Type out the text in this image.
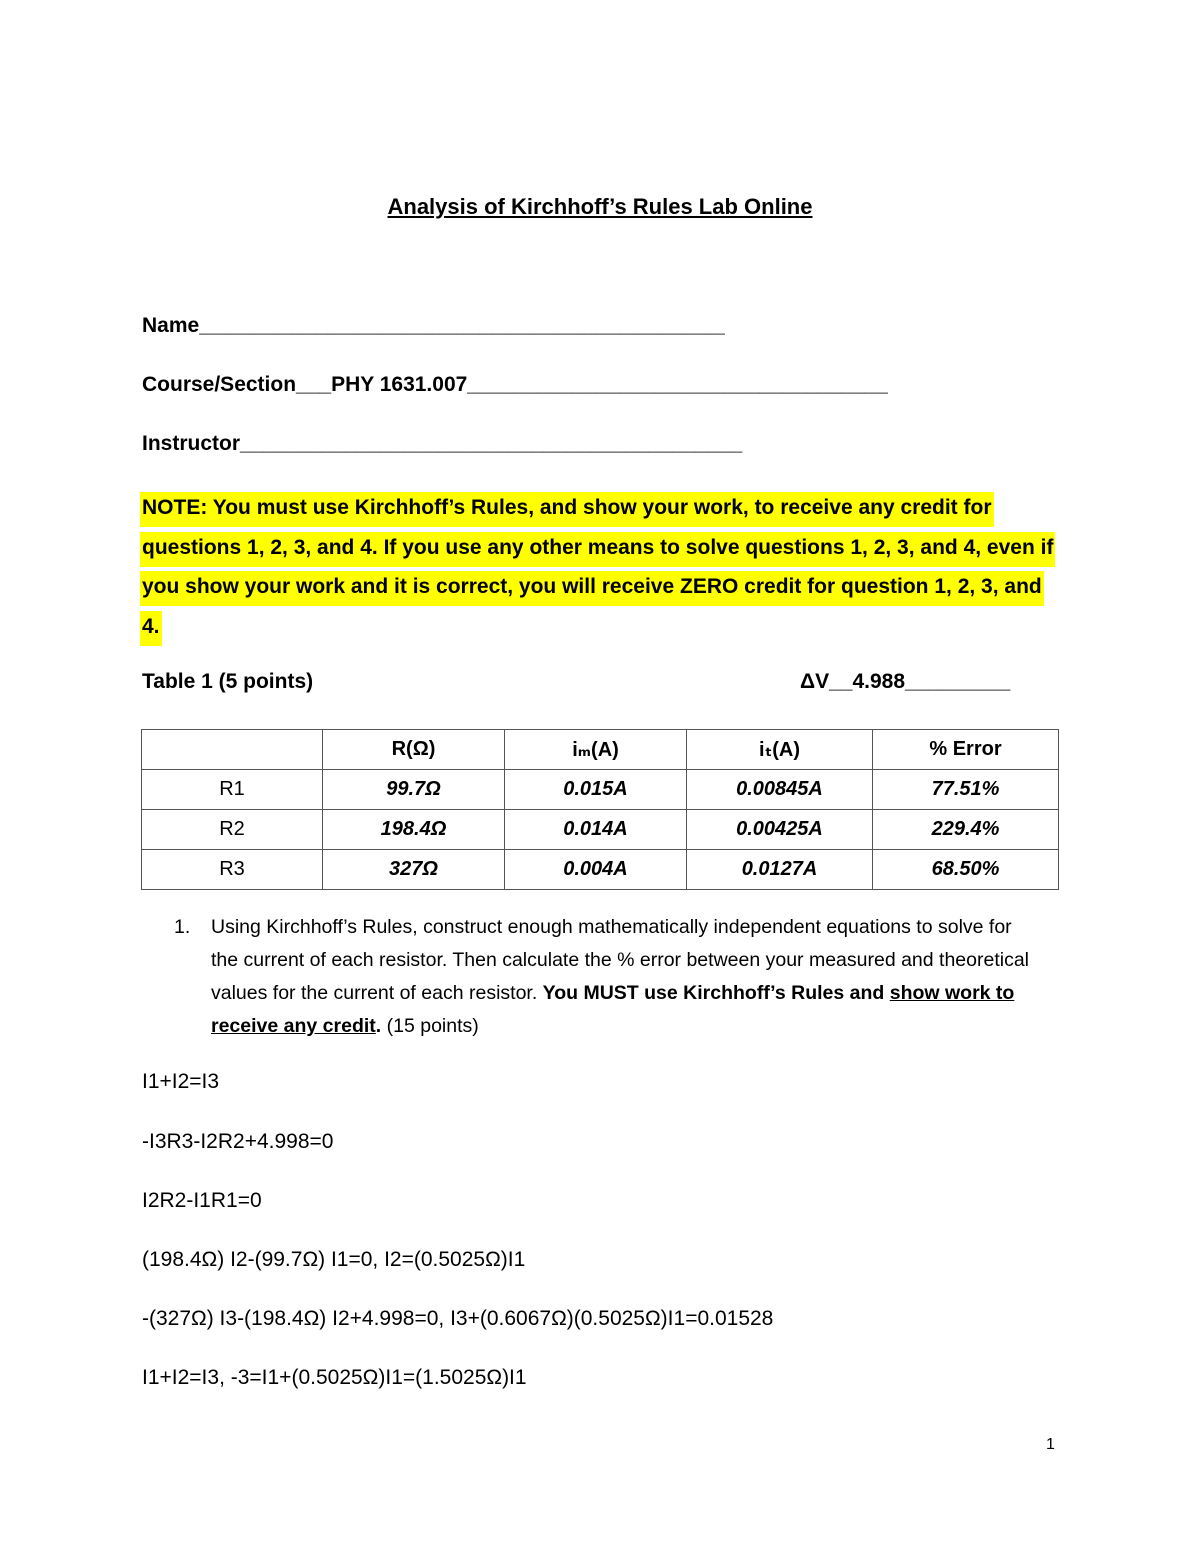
Analysis of Kirchhoff’s Rules Lab Online
Name_____________________________________________
Course/Section___PHY 1631.007____________________________________
Instructor___________________________________________
NOTE: You must use Kirchhoff’s Rules, and show your work, to receive any credit for questions 1, 2, 3, and 4. If you use any other means to solve questions 1, 2, 3, and 4, even if you show your work and it is correct, you will receive ZERO credit for question 1, 2, 3, and 4.
Table 1 (5 points)	ΔV__4.988_________
	R(Ω)	iₘ(A)	iₜ(A)	% Error
R1	99.7Ω	0.015A	0.00845A	77.51%
R2	198.4Ω	0.014A	0.00425A	229.4%
R3	327Ω	0.004A	0.0127A	68.50%
1. Using Kirchhoff’s Rules, construct enough mathematically independent equations to solve for the current of each resistor. Then calculate the % error between your measured and theoretical values for the current of each resistor. You MUST use Kirchhoff’s Rules and show work to receive any credit. (15 points)
I1+I2=I3
-I3R3-I2R2+4.998=0
I2R2-I1R1=0
(198.4Ω) I2-(99.7Ω) I1=0, I2=(0.5025Ω)I1
-(327Ω) I3-(198.4Ω) I2+4.998=0, I3+(0.6067Ω)(0.5025Ω)I1=0.01528
I1+I2=I3, -3=I1+(0.5025Ω)I1=(1.5025Ω)I1
1
